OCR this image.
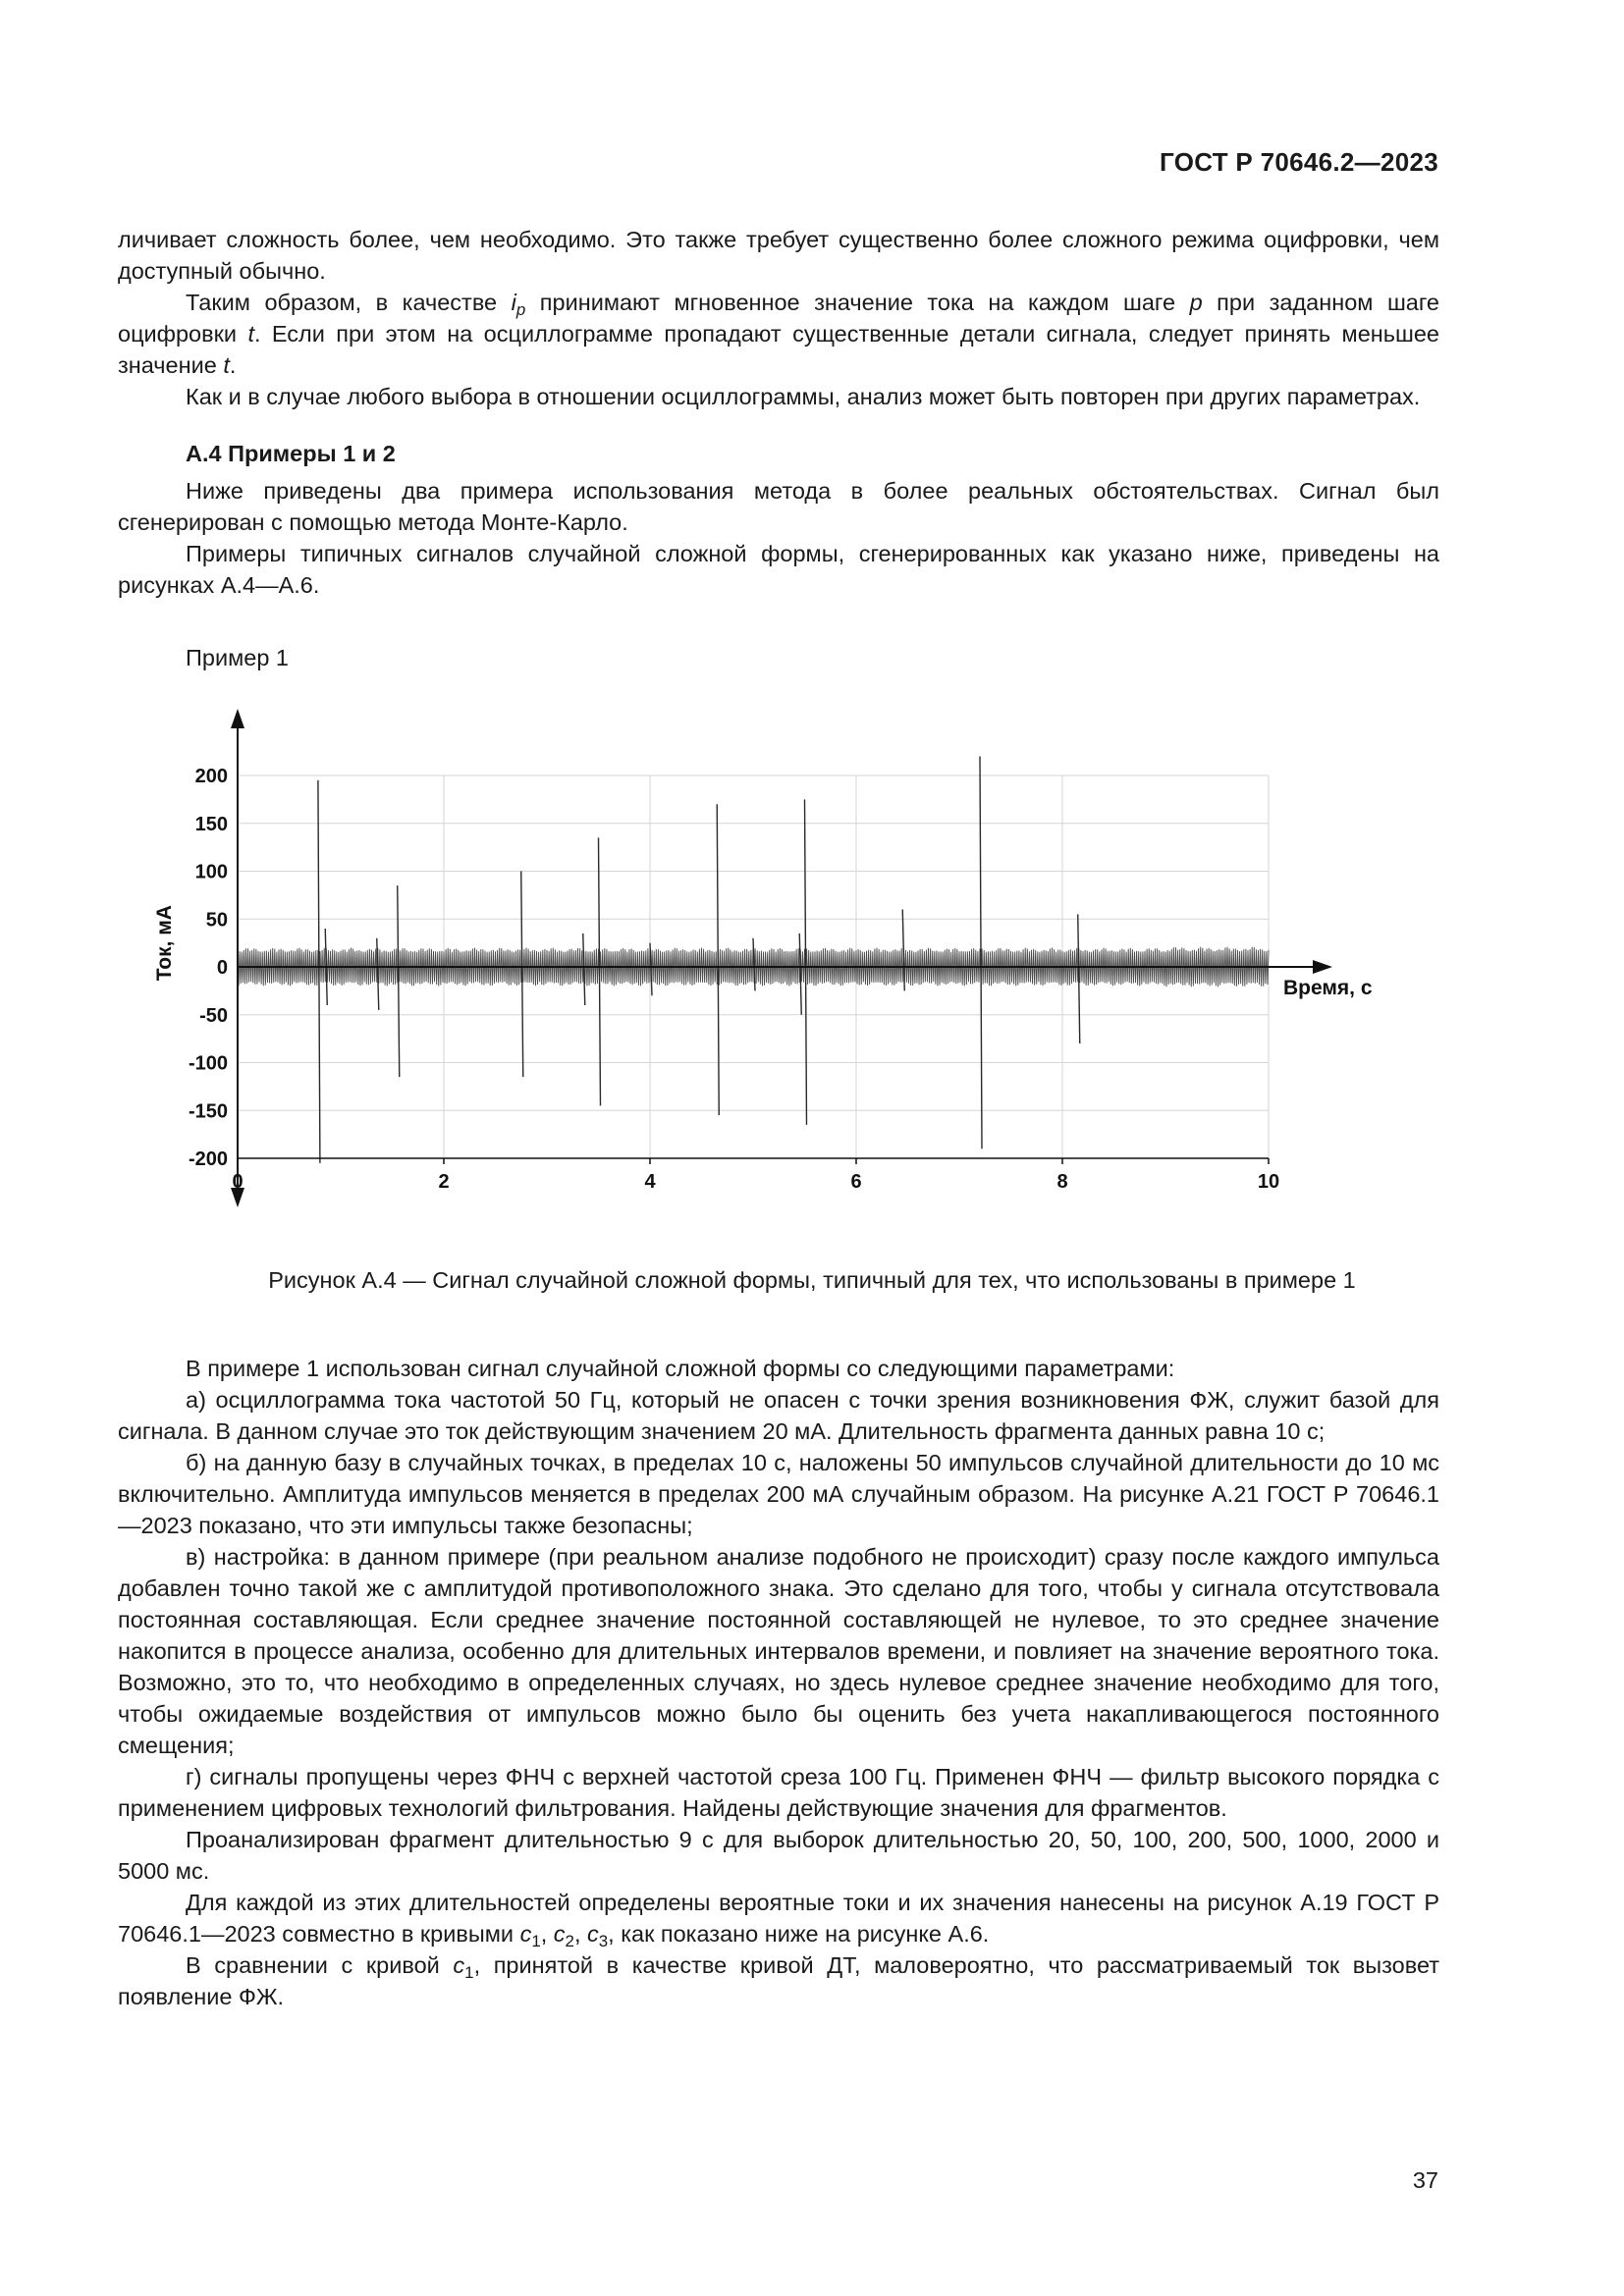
ГОСТ Р 70646.2—2023

личивает сложность более, чем необходимо. Это также требует существенно более сложного режима оцифровки, чем доступный обычно.

Таким образом, в качестве $i_p$ принимают мгновенное значение тока на каждом шаге p при заданном шаге оцифровки t. Если при этом на осциллограмме пропадают существенные детали сигнала, следует принять меньшее значение t.

Как и в случае любого выбора в отношении осциллограммы, анализ может быть повторен при других параметрах.

А.4 Примеры 1 и 2

Ниже приведены два примера использования метода в более реальных обстоятельствах. Сигнал был сгенерирован с помощью метода Монте-Карло.

Примеры типичных сигналов случайной сложной формы, сгенерированных как указано ниже, приведены на рисунках А.4—А.6.

Пример 1
200
150
100
50
0
-50
-100
-150
-200
0	2	4	6	8	10
Ток, мА
Время, с
Рисунок А.4 — Сигнал случайной сложной формы, типичный для тех, что использованы в примере 1

В примере 1 использован сигнал случайной сложной формы со следующими параметрами:

а) осциллограмма тока частотой 50 Гц, который не опасен с точки зрения возникновения ФЖ, служит базой для сигнала. В данном случае это ток действующим значением 20 мА. Длительность фрагмента данных равна 10 с;

б) на данную базу в случайных точках, в пределах 10 с, наложены 50 импульсов случайной длительности до 10 мс включительно. Амплитуда импульсов меняется в пределах 200 мА случайным образом. На рисунке А.21 ГОСТ Р 70646.1—2023 показано, что эти импульсы также безопасны;

в) настройка: в данном примере (при реальном анализе подобного не происходит) сразу после каждого импульса добавлен точно такой же с амплитудой противоположного знака. Это сделано для того, чтобы у сигнала отсутствовала постоянная составляющая. Если среднее значение постоянной составляющей не нулевое, то это среднее значение накопится в процессе анализа, особенно для длительных интервалов времени, и повлияет на значение вероятного тока. Возможно, это то, что необходимо в определенных случаях, но здесь нулевое среднее значение необходимо для того, чтобы ожидаемые воздействия от импульсов можно было бы оценить без учета накапливающегося постоянного смещения;

г) сигналы пропущены через ФНЧ с верхней частотой среза 100 Гц. Применен ФНЧ — фильтр высокого порядка с применением цифровых технологий фильтрования. Найдены действующие значения для фрагментов.

Проанализирован фрагмент длительностью 9 с для выборок длительностью 20, 50, 100, 200, 500, 1000, 2000 и 5000 мс.

Для каждой из этих длительностей определены вероятные токи и их значения нанесены на рисунок А.19 ГОСТ Р 70646.1—2023 совместно в кривыми $c_1$, $c_2$, $c_3$, как показано ниже на рисунке А.6.

В сравнении с кривой $c_1$, принятой в качестве кривой ДТ, маловероятно, что рассматриваемый ток вызовет появление ФЖ.

37
